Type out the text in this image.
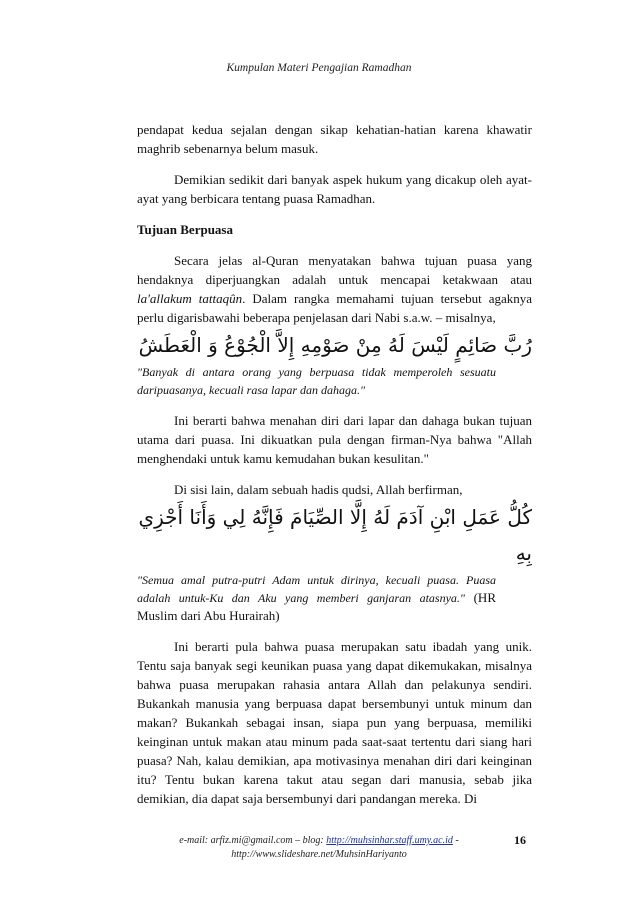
Kumpulan Materi Pengajian Ramadhan

pendapat kedua sejalan dengan sikap kehatian-hatian karena khawatir maghrib sebenarnya belum masuk.

Demikian sedikit dari banyak aspek hukum yang dicakup oleh ayat-ayat yang berbicara tentang puasa Ramadhan.

Tujuan Berpuasa

Secara jelas al-Quran menyatakan bahwa tujuan puasa yang hendaknya diperjuangkan adalah untuk mencapai ketakwaan atau la'allakum tattaqûn. Dalam rangka memahami tujuan tersebut agaknya perlu digarisbawahi beberapa penjelasan dari Nabi s.a.w. – misalnya,

رُبَّ صَائِمٍ لَيْسَ لَهُ مِنْ صَوْمِهِ إِلاَّ الْجُوْعُ وَ الْعَطَشُ

"Banyak di antara orang yang berpuasa tidak memperoleh sesuatu daripuasanya, kecuali rasa lapar dan dahaga."

Ini berarti bahwa menahan diri dari lapar dan dahaga bukan tujuan utama dari puasa. Ini dikuatkan pula dengan firman-Nya bahwa "Allah menghendaki untuk kamu kemudahan bukan kesulitan."

Di sisi lain, dalam sebuah hadis qudsi, Allah berfirman,

كُلُّ عَمَلِ ابْنِ آدَمَ لَهُ إِلَّا الصِّيَامَ فَإِنَّهُ لِي وَأَنَا أَجْزِي
بِهِ

"Semua amal putra-putri Adam untuk dirinya, kecuali puasa. Puasa adalah untuk-Ku dan Aku yang memberi ganjaran atasnya." (HR Muslim dari Abu Hurairah)

Ini berarti pula bahwa puasa merupakan satu ibadah yang unik. Tentu saja banyak segi keunikan puasa yang dapat dikemukakan, misalnya bahwa puasa merupakan rahasia antara Allah dan pelakunya sendiri. Bukankah manusia yang berpuasa dapat bersembunyi untuk minum dan makan? Bukankah sebagai insan, siapa pun yang berpuasa, memiliki keinginan untuk makan atau minum pada saat-saat tertentu dari siang hari puasa? Nah, kalau demikian, apa motivasinya menahan diri dari keinginan itu? Tentu bukan karena takut atau segan dari manusia, sebab jika demikian, dia dapat saja bersembunyi dari pandangan mereka. Di

e-mail: arfiz.mi@gmail.com – blog: http://muhsinhar.staff.umy.ac.id -
http://www.slideshare.net/MuhsinHariyanto
16
